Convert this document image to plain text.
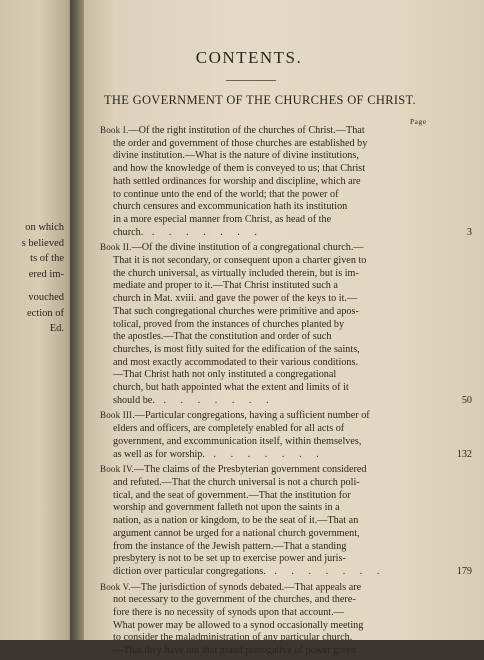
on which
s believed
ts of the
ered im-
vouched
ection of
Ed.
CONTENTS.
THE GOVERNMENT OF THE CHURCHES OF CHRIST.
Page
Book I.—Of the right institution of the churches of Christ.—That
the order and government of those churches are established by
divine institution.—What is the nature of divine institutions,
and how the knowledge of them is conveyed to us; that Christ
hath settled ordinances for worship and discipline, which are
to continue unto the end of the world; that the power of
church censures and excommunication hath its institution
in a more especial manner from Christ, as head of the
church. . . . . . . .	3
Book II.—Of the divine institution of a congregational church.—
That it is not secondary, or consequent upon a charter given to
the church universal, as virtually included therein, but is im-
mediate and proper to it.—That Christ instituted such a
church in Mat. xviii. and gave the power of the keys to it.—
That such congregational churches were primitive and apos-
tolical, proved from the instances of churches planted by
the apostles.—That the constitution and order of such
churches, is most fitly suited for the edification of the saints,
and most exactly accommodated to their various conditions.
—That Christ hath not only instituted a congregational
church, but hath appointed what the extent and limits of it
should be. . . . . . . .	50
Book III.—Particular congregations, having a sufficient number of
elders and officers, are completely enabled for all acts of
government, and excommunication itself, within themselves,
as well as for worship. . . . . . . .	132
Book IV.—The claims of the Presbyterian government considered
and refuted.—That the church universal is not a church poli-
tical, and the seat of government.—That the institution for
worship and government falleth not upon the saints in a
nation, as a nation or kingdom, to be the seat of it.—That an
argument cannot be urged for a national church government,
from the instance of the Jewish pattern.—That a standing
presbytery is not to be set up to exercise power and juris-
diction over particular congregations. . . . . . . .	179
Book V.—The jurisdiction of synods debated.—That appeals are
not necessary to the government of the churches, and there-
fore there is no necessity of synods upon that account.—
What power may be allowed to a synod occasionally meeting
to consider the maladministration of any particular church.
—That they have not that grand prerogative of power given
